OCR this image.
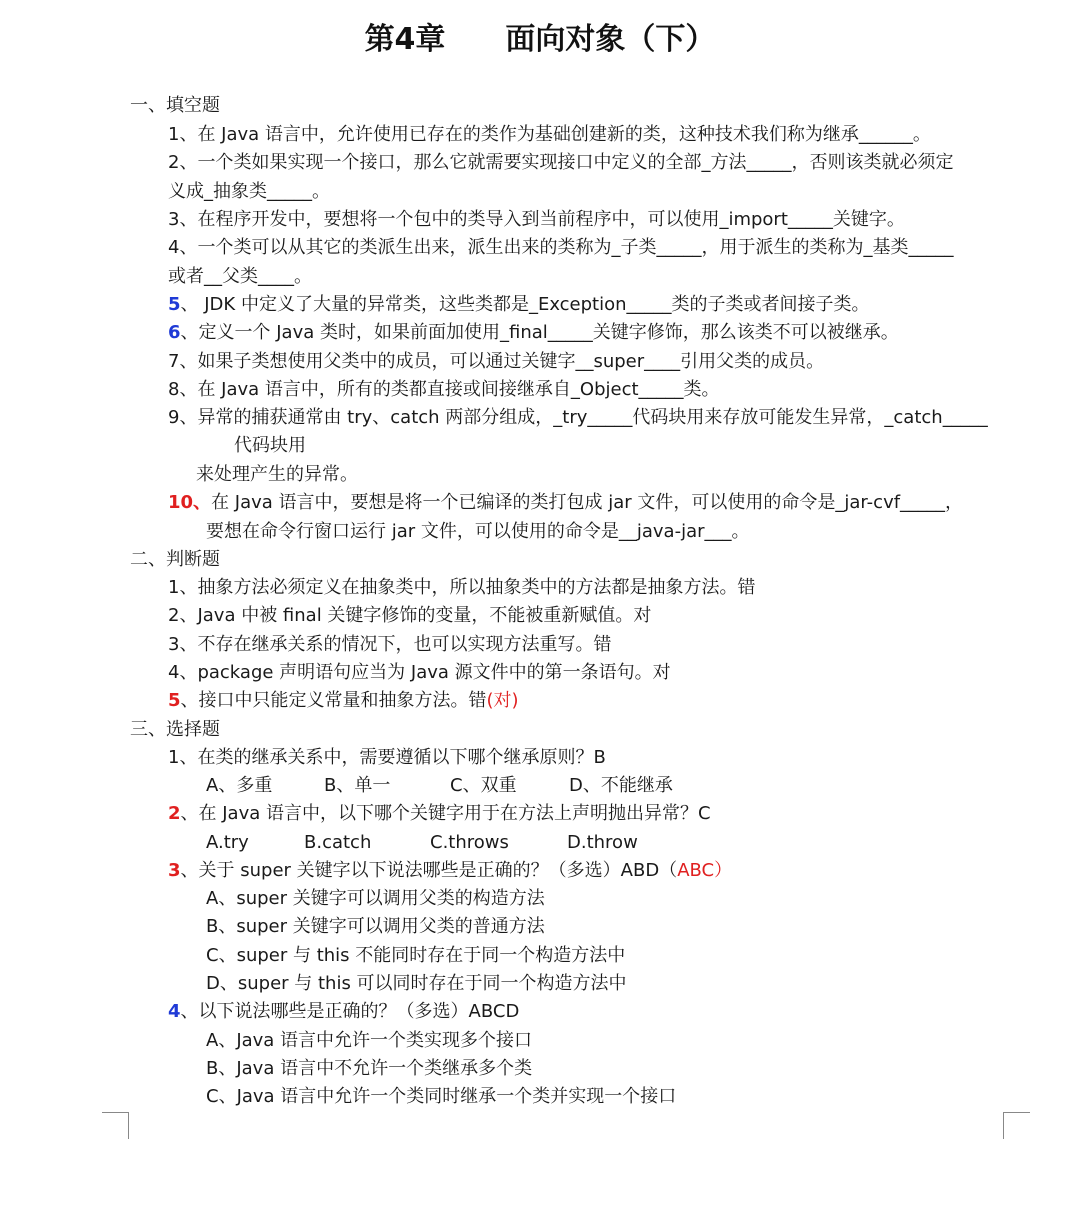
第4章　　面向对象（下）
一、填空题
1、在 Java 语言中，允许使用已存在的类作为基础创建新的类，这种技术我们称为继承______。
2、一个类如果实现一个接口，那么它就需要实现接口中定义的全部_方法_____，否则该类就必须定
义成_抽象类_____。
3、在程序开发中，要想将一个包中的类导入到当前程序中，可以使用_import_____关键字。
4、一个类可以从其它的类派生出来，派生出来的类称为_子类_____，用于派生的类称为_基类_____
或者__父类____。
5、 JDK 中定义了大量的异常类，这些类都是_Exception_____类的子类或者间接子类。
6、定义一个 Java 类时，如果前面加使用_final_____关键字修饰，那么该类不可以被继承。
7、如果子类想使用父类中的成员，可以通过关键字__super____引用父类的成员。
8、在 Java 语言中，所有的类都直接或间接继承自_Object_____类。
9、异常的捕获通常由 try、catch 两部分组成，_try_____代码块用来存放可能发生异常，_catch_____
代码块用
来处理产生的异常。
10、在 Java 语言中，要想是将一个已编译的类打包成 jar 文件，可以使用的命令是_jar-cvf_____，
要想在命令行窗口运行 jar 文件，可以使用的命令是__java-jar___。
二、判断题
1、抽象方法必须定义在抽象类中，所以抽象类中的方法都是抽象方法。错
2、Java 中被 final 关键字修饰的变量，不能被重新赋值。对
3、不存在继承关系的情况下，也可以实现方法重写。错
4、package 声明语句应当为 Java 源文件中的第一条语句。对
5、接口中只能定义常量和抽象方法。错(对)
三、选择题
1、在类的继承关系中，需要遵循以下哪个继承原则？B
A、多重	B、单一	C、双重	D、不能继承
2、在 Java 语言中，以下哪个关键字用于在方法上声明抛出异常？C
A.try	B.catch	C.throws	D.throw
3、关于 super 关键字以下说法哪些是正确的？（多选）ABD（ABC）
A、super 关键字可以调用父类的构造方法
B、super 关键字可以调用父类的普通方法
C、super 与 this 不能同时存在于同一个构造方法中
D、super 与 this 可以同时存在于同一个构造方法中
4、以下说法哪些是正确的？（多选）ABCD
A、Java 语言中允许一个类实现多个接口
B、Java 语言中不允许一个类继承多个类
C、Java 语言中允许一个类同时继承一个类并实现一个接口
